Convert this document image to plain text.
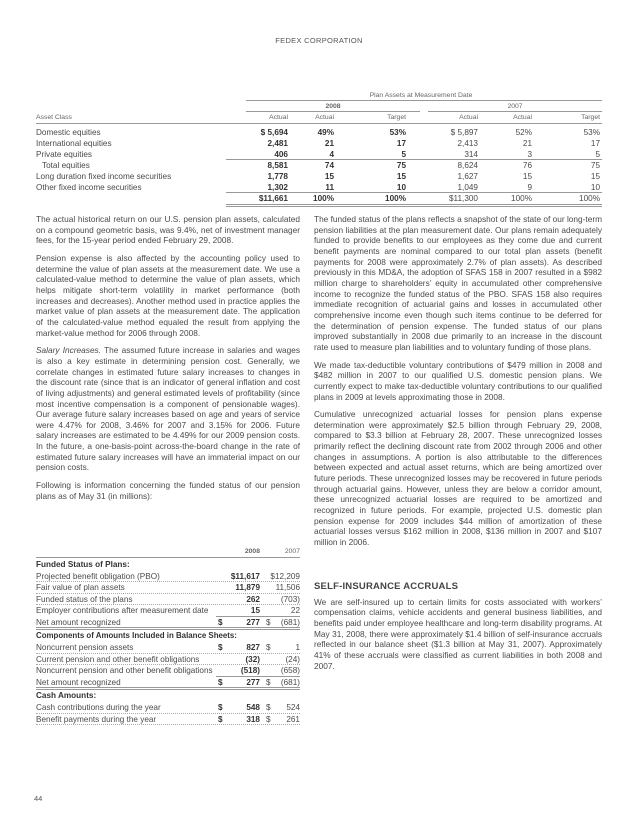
FEDEX CORPORATION
Plan Assets at Measurement Date
2008	2007
Asset Class	Actual	Actual	Target	Actual	Actual	Target
Domestic equities	$ 5,694	49%	53%	$ 5,897	52%	53%
International equities	2,481	21	17	2,413	21	17
Private equities	406	4	5	314	3	5
Total equities	8,581	74	75	8,624	76	75
Long duration fixed income securities	1,778	15	15	1,627	15	15
Other fixed income securities	1,302	11	10	1,049	9	10
$11,661	100%	100%	$11,300	100%	100%

The actual historical return on our U.S. pension plan assets, calculated on a compound geometric basis, was 9.4%, net of investment manager fees, for the 15-year period ended February 29, 2008.

Pension expense is also affected by the accounting policy used to determine the value of plan assets at the measurement date. We use a calculated-value method to determine the value of plan assets, which helps mitigate short-term volatility in market performance (both increases and decreases). Another method used in practice applies the market value of plan assets at the measurement date. The application of the calculated-value method equaled the result from applying the market-value method for 2006 through 2008.

Salary Increases. The assumed future increase in salaries and wages is also a key estimate in determining pension cost. Generally, we correlate changes in estimated future salary increases to changes in the discount rate (since that is an indicator of general inflation and cost of living adjustments) and general estimated levels of profitability (since most incentive compensation is a component of pensionable wages). Our average future salary increases based on age and years of service were 4.47% for 2008, 3.46% for 2007 and 3.15% for 2006. Future salary increases are estimated to be 4.49% for our 2009 pension costs. In the future, a one-basis-point across-the-board change in the rate of estimated future salary increases will have an immaterial impact on our pension costs.

Following is information concerning the funded status of our pension plans as of May 31 (in millions):

2008	2007
Funded Status of Plans:
Projected benefit obligation (PBO)	$11,617	$12,209
Fair value of plan assets	11,879	11,506
Funded status of the plans	262	(703)
Employer contributions after measurement date	15	22
Net amount recognized	$	277 $	(681)
Components of Amounts Included in Balance Sheets:
Noncurrent pension assets	$	827 $	1
Current pension and other benefit obligations	(32)	(24)
Noncurrent pension and other benefit obligations	(518)	(658)
Net amount recognized	$	277 $	(681)
Cash Amounts:
Cash contributions during the year	$	548 $	524
Benefit payments during the year	$	318 $	261

The funded status of the plans reflects a snapshot of the state of our long-term pension liabilities at the plan measurement date. Our plans remain adequately funded to provide benefits to our employees as they come due and current benefit payments are nominal compared to our total plan assets (benefit payments for 2008 were approximately 2.7% of plan assets). As described previously in this MD&A, the adoption of SFAS 158 in 2007 resulted in a $982 million charge to shareholders’ equity in accumulated other comprehensive income to recognize the funded status of the PBO. SFAS 158 also requires immediate recognition of actuarial gains and losses in accumulated other comprehensive income even though such items continue to be deferred for the determination of pension expense. The funded status of our plans improved substantially in 2008 due primarily to an increase in the discount rate used to measure plan liabilities and to voluntary funding of those plans.

We made tax-deductible voluntary contributions of $479 million in 2008 and $482 million in 2007 to our qualified U.S. domestic pension plans. We currently expect to make tax-deductible voluntary contributions to our qualified plans in 2009 at levels approximating those in 2008.

Cumulative unrecognized actuarial losses for pension plans expense determination were approximately $2.5 billion through February 29, 2008, compared to $3.3 billion at February 28, 2007. These unrecognized losses primarily reflect the declining discount rate from 2002 through 2006 and other changes in assumptions. A portion is also attributable to the differences between expected and actual asset returns, which are being amortized over future periods. These unrecognized losses may be recovered in future periods through actuarial gains. However, unless they are below a corridor amount, these unrecognized actuarial losses are required to be amortized and recognized in future periods. For example, projected U.S. domestic plan pension expense for 2009 includes $44 million of amortization of these actuarial losses versus $162 million in 2008, $136 million in 2007 and $107 million in 2006.

SELF-INSURANCE ACCRUALS

We are self-insured up to certain limits for costs associated with workers’ compensation claims, vehicle accidents and general business liabilities, and benefits paid under employee healthcare and long-term disability programs. At May 31, 2008, there were approximately $1.4 billion of self-insurance accruals reflected in our balance sheet ($1.3 billion at May 31, 2007). Approximately 41% of these accruals were classified as current liabilities in both 2008 and 2007.

44
